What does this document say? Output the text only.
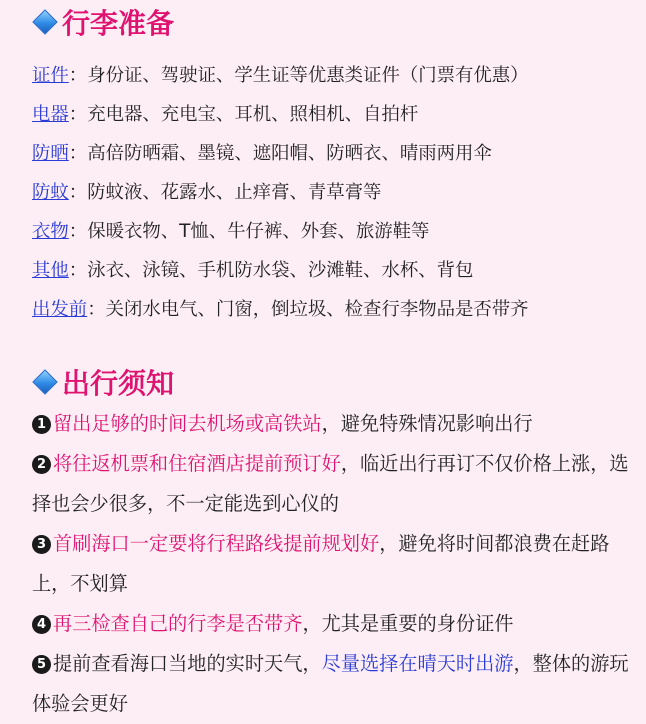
行李准备
证件：身份证、驾驶证、学生证等优惠类证件（门票有优惠）
电器：充电器、充电宝、耳机、照相机、自拍杆
防晒：高倍防晒霜、墨镜、遮阳帽、防晒衣、晴雨两用伞
防蚊：防蚊液、花露水、止痒膏、青草膏等
衣物：保暖衣物、T恤、牛仔裤、外套、旅游鞋等
其他：泳衣、泳镜、手机防水袋、沙滩鞋、水杯、背包
出发前：关闭水电气、门窗，倒垃圾、检查行李物品是否带齐
出行须知
1 留出足够的时间去机场或高铁站，避免特殊情况影响出行
2 将往返机票和住宿酒店提前预订好，临近出行再订不仅价格上涨，选择也会少很多，不一定能选到心仪的
3 首刷海口一定要将行程路线提前规划好，避免将时间都浪费在赶路上，不划算
4 再三检查自己的行李是否带齐，尤其是重要的身份证件
5 提前查看海口当地的实时天气，尽量选择在晴天时出游，整体的游玩体验会更好
